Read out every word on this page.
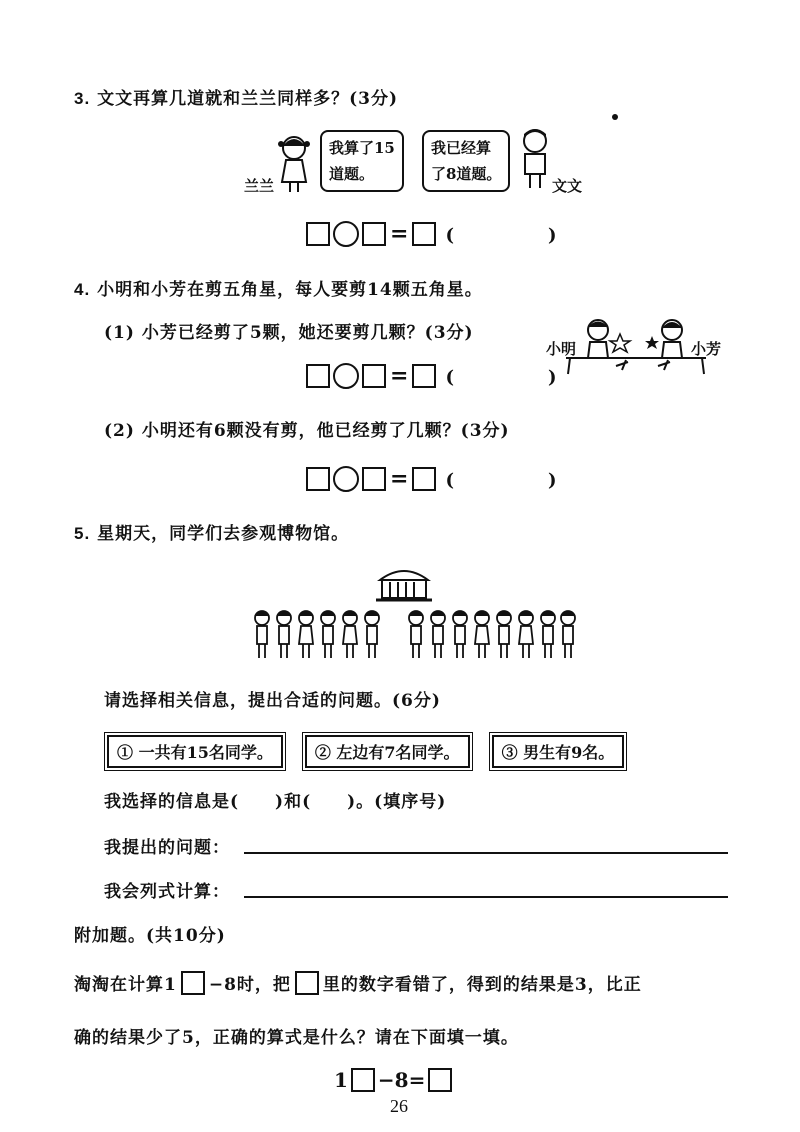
3. 文文再算几道就和兰兰同样多？(3分)
兰兰
我算了15
道题。
我已经算
了8道题。
文文
= (　)
4. 小明和小芳在剪五角星，每人要剪14颗五角星。
(1) 小芳已经剪了5颗，她还要剪几颗？(3分)
小明	小芳
= (　)
(2) 小明还有6颗没有剪，他已经剪了几颗？(3分)
= (　)
5. 星期天，同学们去参观博物馆。
请选择相关信息，提出合适的问题。(6分)
① 一共有15名同学。	② 左边有7名同学。	③ 男生有9名。
我选择的信息是(　　)和(　　)。(填序号)
我提出的问题：
我会列式计算：
附加题。(共10分)
淘淘在计算1 −8时，把 里的数字看错了，得到的结果是3，比正
确的结果少了5，正确的算式是什么？请在下面填一填。
1 −8=
26
